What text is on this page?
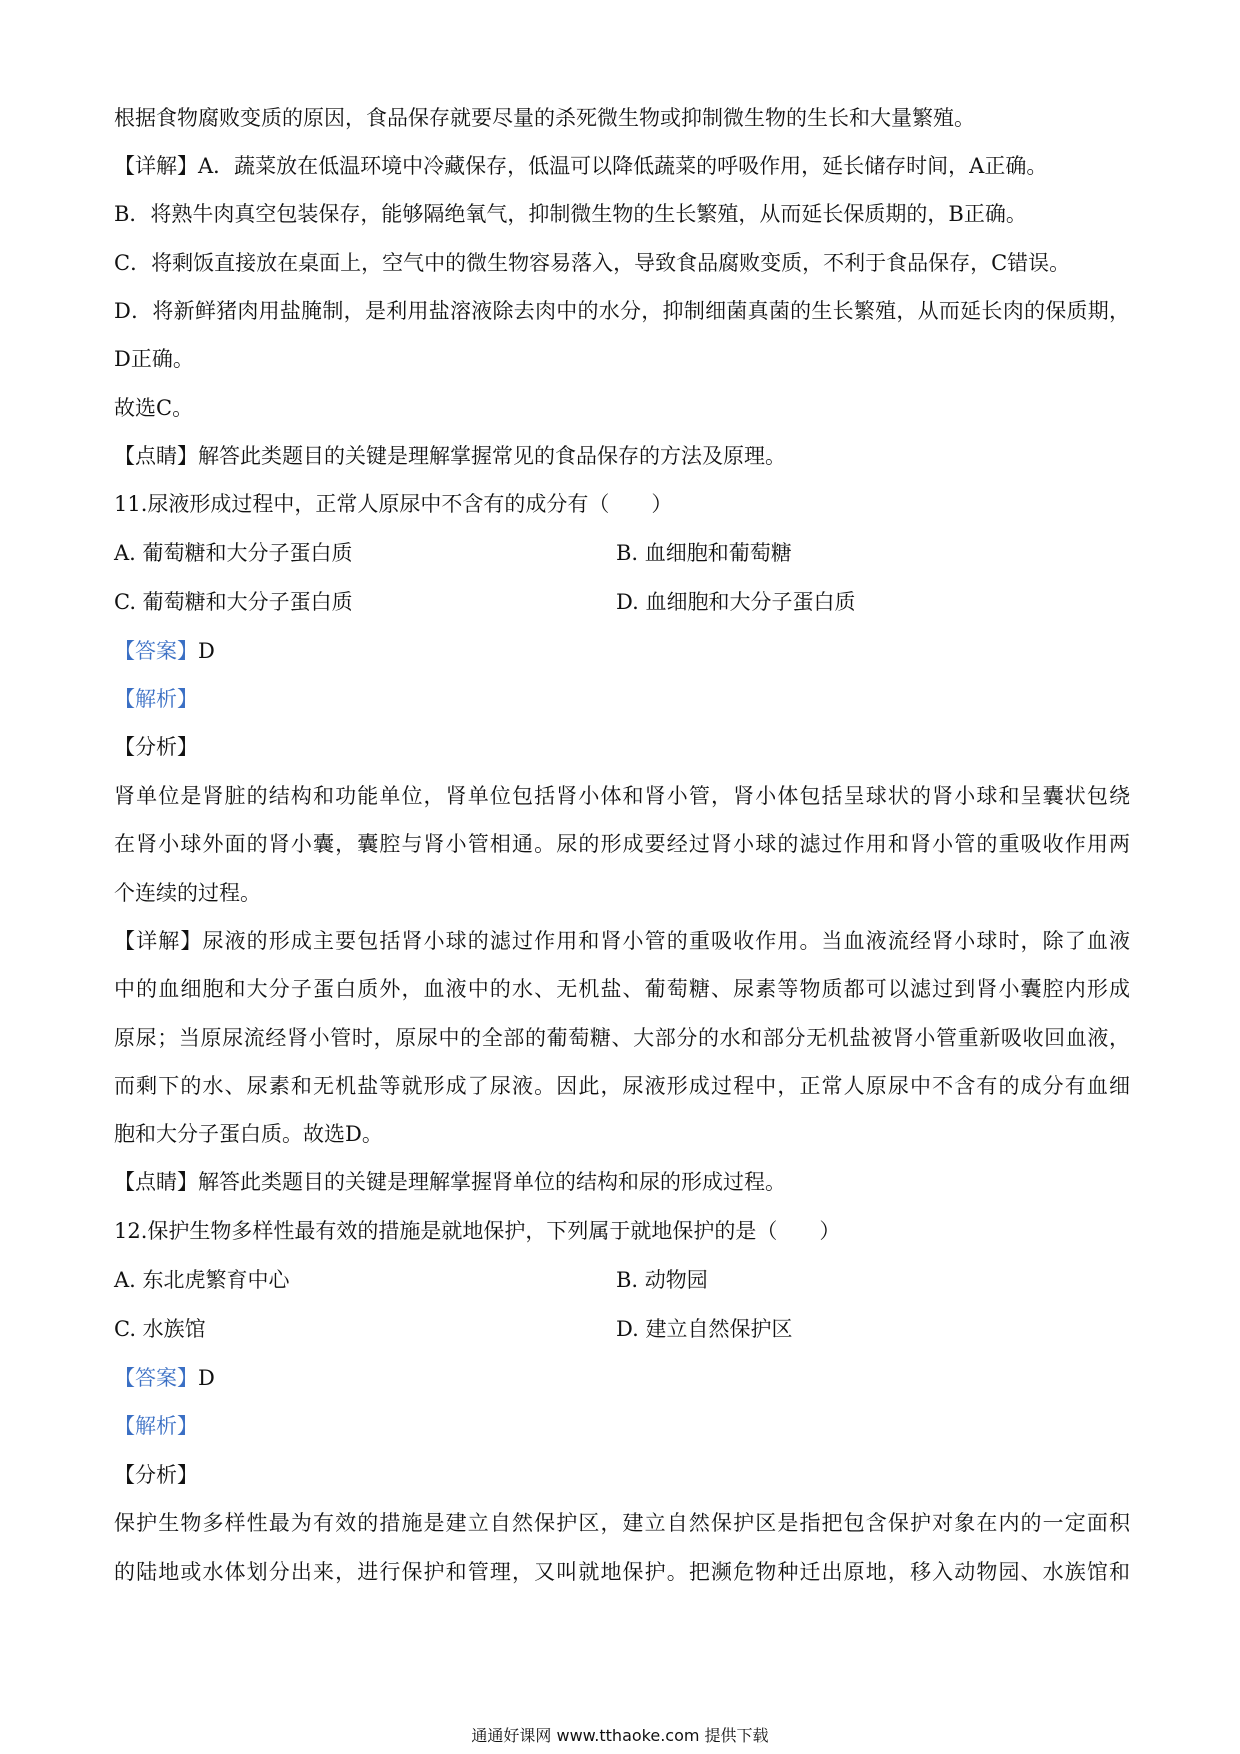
根据食物腐败变质的原因，食品保存就要尽量的杀死微生物或抑制微生物的生长和大量繁殖。
【详解】A．蔬菜放在低温环境中冷藏保存，低温可以降低蔬菜的呼吸作用，延长储存时间，A正确。
B．将熟牛肉真空包装保存，能够隔绝氧气，抑制微生物的生长繁殖，从而延长保质期的，B正确。
C．将剩饭直接放在桌面上，空气中的微生物容易落入，导致食品腐败变质，不利于食品保存，C错误。
D．将新鲜猪肉用盐腌制，是利用盐溶液除去肉中的水分，抑制细菌真菌的生长繁殖，从而延长肉的保质期，
D正确。
故选C。
【点睛】解答此类题目的关键是理解掌握常见的食品保存的方法及原理。
11.尿液形成过程中，正常人原尿中不含有的成分有（　　）
A. 葡萄糖和大分子蛋白质	B. 血细胞和葡萄糖
C. 葡萄糖和大分子蛋白质	D. 血细胞和大分子蛋白质
【答案】D
【解析】
【分析】
肾单位是肾脏的结构和功能单位，肾单位包括肾小体和肾小管，肾小体包括呈球状的肾小球和呈囊状包绕
在肾小球外面的肾小囊，囊腔与肾小管相通。尿的形成要经过肾小球的滤过作用和肾小管的重吸收作用两
个连续的过程。
【详解】尿液的形成主要包括肾小球的滤过作用和肾小管的重吸收作用。当血液流经肾小球时，除了血液
中的血细胞和大分子蛋白质外，血液中的水、无机盐、葡萄糖、尿素等物质都可以滤过到肾小囊腔内形成
原尿；当原尿流经肾小管时，原尿中的全部的葡萄糖、大部分的水和部分无机盐被肾小管重新吸收回血液，
而剩下的水、尿素和无机盐等就形成了尿液。因此，尿液形成过程中，正常人原尿中不含有的成分有血细
胞和大分子蛋白质。故选D。
【点睛】解答此类题目的关键是理解掌握肾单位的结构和尿的形成过程。
12.保护生物多样性最有效的措施是就地保护，下列属于就地保护的是（　　）
A. 东北虎繁育中心	B. 动物园
C. 水族馆	D. 建立自然保护区
【答案】D
【解析】
【分析】
保护生物多样性最为有效的措施是建立自然保护区，建立自然保护区是指把包含保护对象在内的一定面积
的陆地或水体划分出来，进行保护和管理，又叫就地保护。把濒危物种迁出原地，移入动物园、水族馆和
通通好课网 www.tthaoke.com 提供下载
